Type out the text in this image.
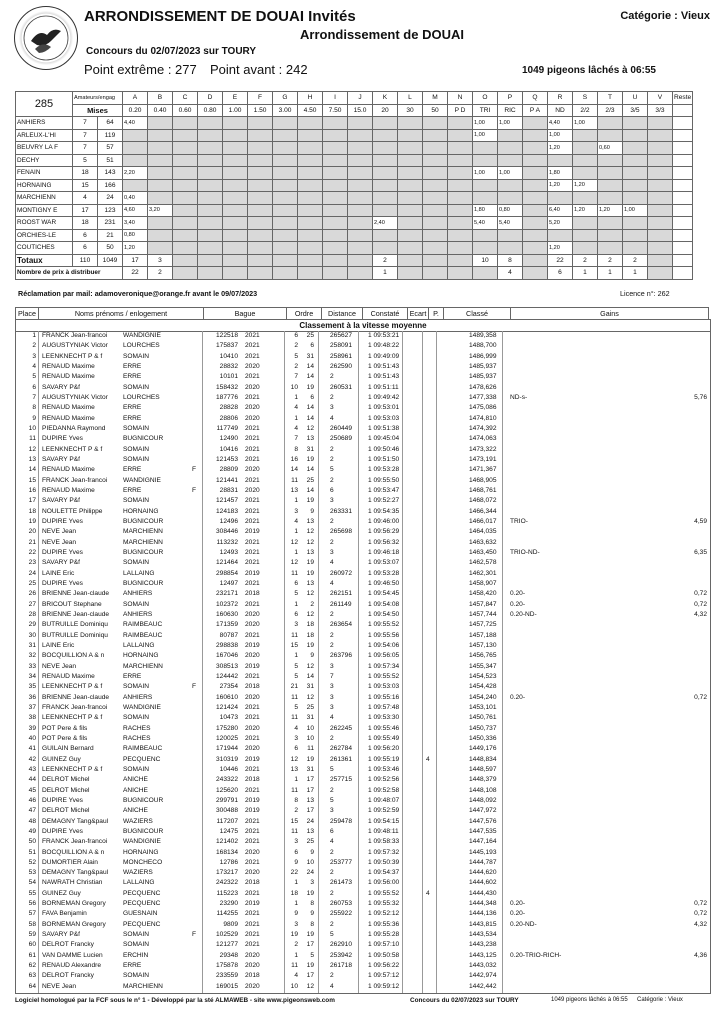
ARRONDISSEMENT DE DOUAI Invités	Catégorie : Vieux
Arrondissement de DOUAI
Concours du 02/07/2023 sur TOURY
Point extrême : 277 Point avant : 242	1049 pigeons lâchés à 06:55
285	Amateurs/engag		A	B	C	D	E	F	G	H	I	J	K	L	M	N	O	P	Q	R	S	T	U	V	Reste
	Mises		0.20	0.40	0.60	0.80	1.00	1.50	3.00	4.50	7.50	15.0	20	30	50	P D	TRI	RIC	P A	ND	2/2	2/3	3/5	3/3	
ANHIERS	7	64	4,40														1,00	1,00		4,40	1,00				
ARLEUX-L'HI	7	119															1,00			1,00					
BEUVRY LA F	7	57																		1,20		0,60			
DECHY	5	51																							
FENAIN	18	143	2,20														1,00	1,00		1,80					
HORNAING	15	166																		1,20	1,20				
MARCHIENN	4	24	0,40																						
MONTIGNY E	17	123	4,60	3,20													1,80	0,80		6,40	1,20	1,20	1,00		
ROOST WAR	18	231	3,40										2,40				5,40	5,40		5,20					
ORCHIES-LE	6	21	0,80																						
COUTICHES	6	50	1,20																	1,20					
Totaux	110	1049	17	3									2				10	8		22	2	2	2		
Nombre de prix à distribuer			22	2									1					4		6	1	1	1		
Réclamation par mail: adamoveronique@orange.fr avant le 09/07/2023	Licence n°: 262
Place	Noms prénoms / enlogement	Bague	Ordre	Distance	Constaté	Ecart	P.	Classé	Gains
Classement à la vitesse moyenne
1 FRANCK Jean-francoi WANDIGNIE	122518 2021	6 25 265627 1 09:53:21	1489,358
2 AUGUSTYNIAK Victor LOURCHES	175837 2021	2 6 258091 1 09:48:22	1488,700
3 LEENKNECHT P & f	SOMAIN	10410 2021	5 31 258961 1 09:49:09	1486,999
4 RENAUD Maxime	ERRE	28832 2020	2 14 262590 1 09:51:43	1485,937
5 RENAUD Maxime	ERRE	10101 2021	7 14 2	1 09:51:43	1485,937
6 SAVARY P&f	SOMAIN	158432 2020	10 19 260531 1 09:51:11	1478,626
7 AUGUSTYNIAK Victor LOURCHES	187776 2021	1 6 2	1 09:49:42	1477,338 ND-s-	5,76
8 RENAUD Maxime	ERRE	28828 2020	4 14 3	1 09:53:01	1475,086
9 RENAUD Maxime	ERRE	28806 2020	1 14 4	1 09:53:03	1474,810
10 PIEDANNA Raymond	SOMAIN	117749 2021	4 12 260449 1 09:51:38	1474,392
11 DUPIRE Yves	BUGNICOUR	12490 2021	7 13 250689 1 09:45:04	1474,063
12 LEENKNECHT P & f	SOMAIN	10416 2021	8 31 2	1 09:50:46	1473,322
13 SAVARY P&f	SOMAIN	121453 2021	16 19 2	1 09:51:50	1473,191
14 RENAUD Maxime	ERRE	F	28809 2020	14 14 5	1 09:53:28	1471,367
15 FRANCK Jean-francoi WANDIGNIE	121441 2021	11 25 2	1 09:55:50	1468,905
16 RENAUD Maxime	ERRE	F	28831 2020	13 14 6	1 09:53:47	1468,761
17 SAVARY P&f	SOMAIN	121457 2021	1 19 3	1 09:52:27	1468,072
18 NOULETTE Philippe	HORNAING	124183 2021	3 9 263331 1 09:54:35	1466,344
19 DUPIRE Yves	BUGNICOUR	12496 2021	4 13 2	1 09:46:00	1466,017 TRIO-	4,59
20 NEVE Jean	MARCHIENN	308446 2019	1 12 265698 1 09:56:29	1464,035
21 NEVE Jean	MARCHIENN	113232 2021	12 12 2	1 09:56:32	1463,632
22 DUPIRE Yves	BUGNICOUR	12493 2021	1 13 3	1 09:46:18	1463,450 TRIO-ND-	6,35
23 SAVARY P&f	SOMAIN	121464 2021	12 19 4	1 09:53:07	1462,578
24 LAINE Eric	LALLAING	298854 2019	11 19 260972 1 09:53:28	1462,301
25 DUPIRE Yves	BUGNICOUR	12497 2021	6 13 4	1 09:46:50	1458,907
26 BRIENNE Jean-claude ANHIERS	232171 2018	5 12 262151 1 09:54:45	1458,420 0.20-	0,72
27 BRICOUT Stephane	SOMAIN	102372 2021	1 2 261149 1 09:54:08	1457,847 0.20-	0,72
28 BRIENNE Jean-claude ANHIERS	160630 2020	6 12 2	1 09:54:50	1457,744 0.20-ND-	4,32
29 BUTRUILLE Dominiqu RAIMBEAUC	171359 2020	3 18 263654 1 09:55:52	1457,725
30 BUTRUILLE Dominiqu RAIMBEAUC	80787 2021	11 18 2	1 09:55:56	1457,188
31 LAINE Eric	LALLAING	298838 2019	15 19 2	1 09:54:06	1457,130
32 BOCQUILLION A & n	HORNAING	167046 2020	1 9 263796 1 09:56:05	1456,765
33 NEVE Jean	MARCHIENN	308513 2019	5 12 3	1 09:57:34	1455,347
34 RENAUD Maxime	ERRE	124442 2021	5 14 7	1 09:55:52	1454,523
35 LEENKNECHT P & f	SOMAIN	F	27354 2018	21 31 3	1 09:53:03	1454,428
36 BRIENNE Jean-claude ANHIERS	160610 2020	11 12 3	1 09:55:16	1454,240 0.20-	0,72
37 FRANCK Jean-francoi WANDIGNIE	121424 2021	5 25 3	1 09:57:48	1453,101
38 LEENKNECHT P & f	SOMAIN	10473 2021	11 31 4	1 09:53:30	1450,761
39 POT Pere & fils	RACHES	175280 2020	4 10 262245 1 09:55:46	1450,737
40 POT Pere & fils	RACHES	120025 2021	3 10 2	1 09:55:49	1450,336
41 GUILAIN Bernard	RAIMBEAUC	171944 2020	6 11 262784 1 09:56:20	1449,176
42 GUINEZ Guy	PECQUENC	310319 2019	12 19 261361 1 09:55:19	1448,834
4
43 LEENKNECHT P & f	SOMAIN	10446 2021	13 31 5	1 09:53:46	1448,597
44 DELROT Michel	ANICHE	243322 2018	1 17 257715 1 09:52:56	1448,379
45 DELROT Michel	ANICHE	125620 2021	11 17 2	1 09:52:58	1448,108
46 DUPIRE Yves	BUGNICOUR	299791 2019	8 13 5	1 09:48:07	1448,092
47 DELROT Michel	ANICHE	300488 2019	2 17 3	1 09:52:59	1447,972
48 DEMAGNY Tang&paul WAZIERS	117207 2021	15 24 259478 1 09:54:15	1447,576
49 DUPIRE Yves	BUGNICOUR	12475 2021	11 13 6	1 09:48:11	1447,535
50 FRANCK Jean-francoi WANDIGNIE	121402 2021	3 25 4	1 09:58:33	1447,164
51 BOCQUILLION A & n	HORNAING	168134 2020	6 9 2	1 09:57:32	1445,193
52 DUMORTIER Alain	MONCHECO	12786 2021	9 10 253777 1 09:50:39	1444,787
53 DEMAGNY Tang&paul WAZIERS	173217 2020	22 24 2	1 09:54:37	1444,620
54 NAWRATH Christian	LALLAING	242322 2018	1 3 261473 1 09:56:00	1444,602
55 GUINEZ Guy	PECQUENC	115223 2021	18 19 2	1 09:55:52	1444,430
4
56 BORNEMAN Gregory	PECQUENC	23290 2019	1 8 260753 1 09:55:32	1444,348 0.20-	0,72
57 FAVA Benjamin	GUESNAIN	114255 2021	9 9 255922 1 09:52:12	1444,136 0.20-	0,72
58 BORNEMAN Gregory	PECQUENC	9809 2021	3 8 2	1 09:55:36	1443,815 0.20-ND-	4,32
59 SAVARY P&f	SOMAIN	F	102529 2021	19 19 5	1 09:55:28	1443,534
60 DELROT Francky	SOMAIN	121277 2021	2 17 262910 1 09:57:10	1443,238
61 VAN DAMME Lucien	ERCHIN	29348 2020	1 5 253942 1 09:50:58	1443,125 0.20-TRIO-RICH-	4,36
62 RENAUD Alexandre	ERRE	175878 2020	11 19 261718 1 09:56:22	1443,032
63 DELROT Francky	SOMAIN	233559 2018	4 17 2	1 09:57:12	1442,974
64 NEVE Jean	MARCHIENN	169015 2020	10 12 4	1 09:59:12	1442,442
Logiciel homologué par la FCF sous le n° 1 - Développé par la sté ALMAWEB - site www.pigeonsweb.com	Concours du 02/07/2023 sur TOURY	1049 pigeons lâchés à 06:55 Catégorie : Vieux
